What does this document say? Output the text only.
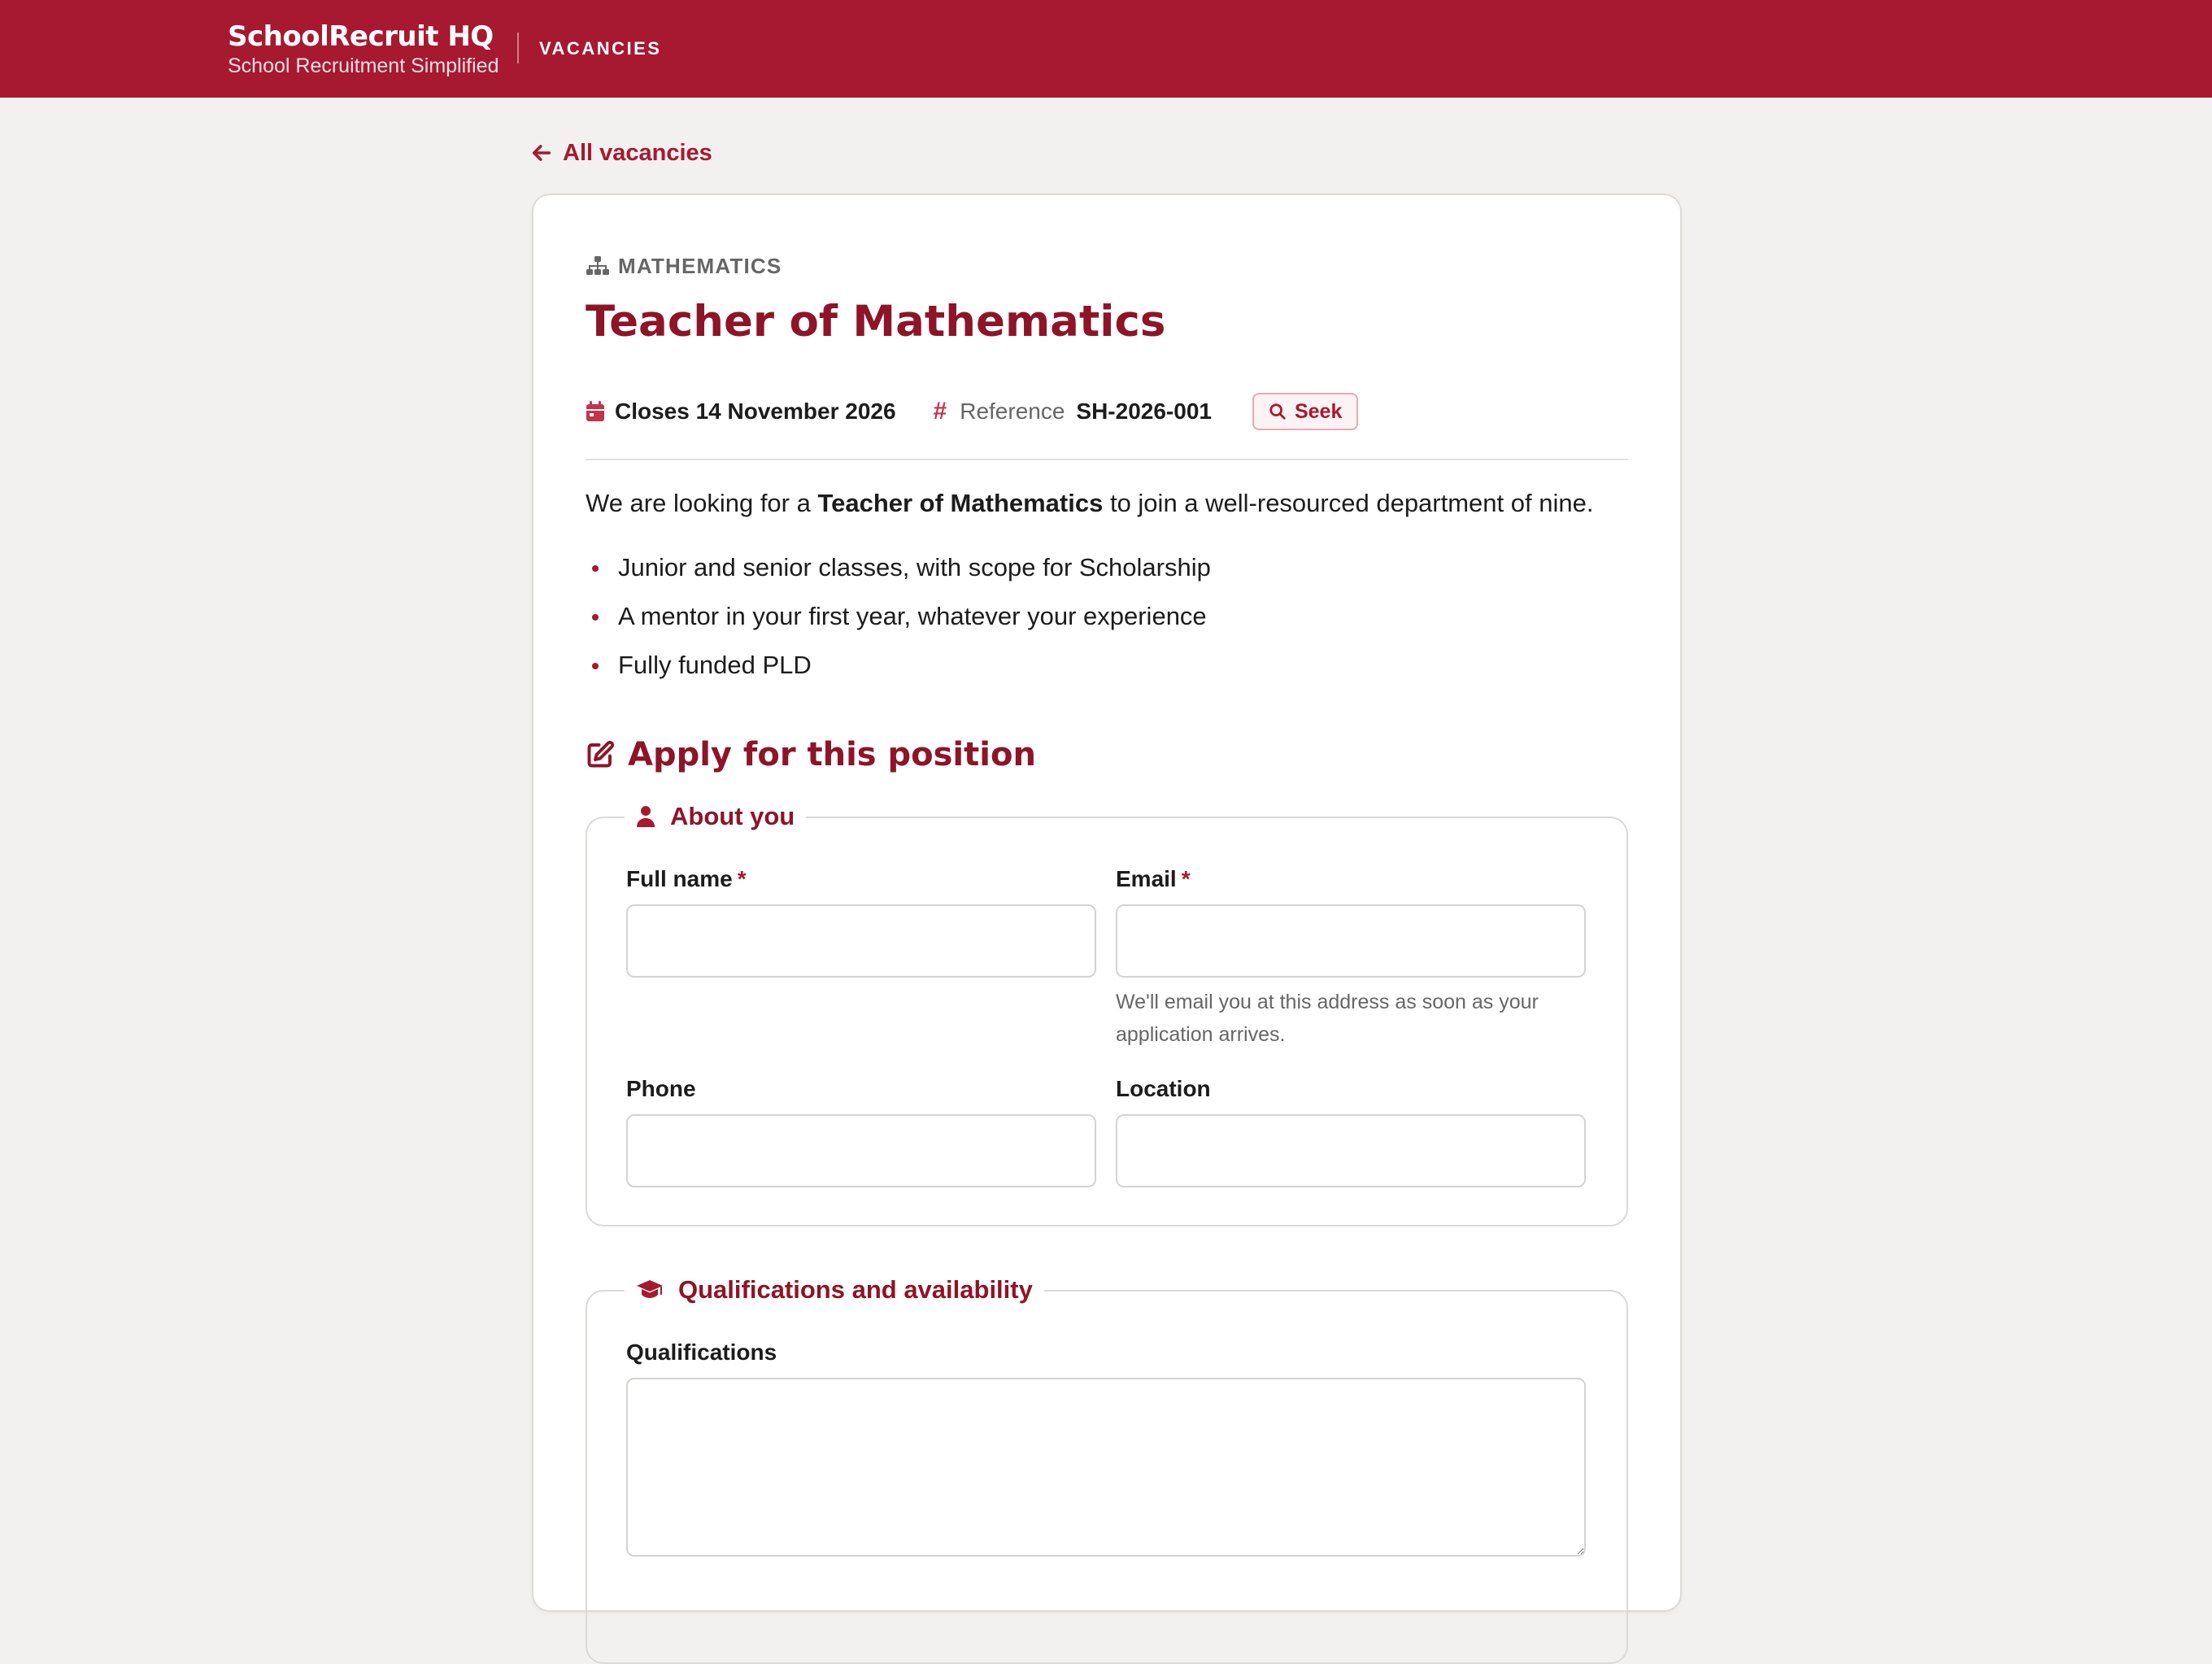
SchoolRecruit HQ
School Recruitment Simplified
VACANCIES
All vacancies
MATHEMATICS
Teacher of Mathematics
Closes 14 November 2026 # Reference SH-2026-001	Seek

We are looking for a Teacher of Mathematics to join a well-resourced department of nine.

Junior and senior classes, with scope for Scholarship
A mentor in your first year, whatever your experience
Fully funded PLD
Apply for this position
About you
Full name *	Email *
We'll email you at this address as soon as your application arrives.
Phone	Location
Qualifications and availability
Qualifications
